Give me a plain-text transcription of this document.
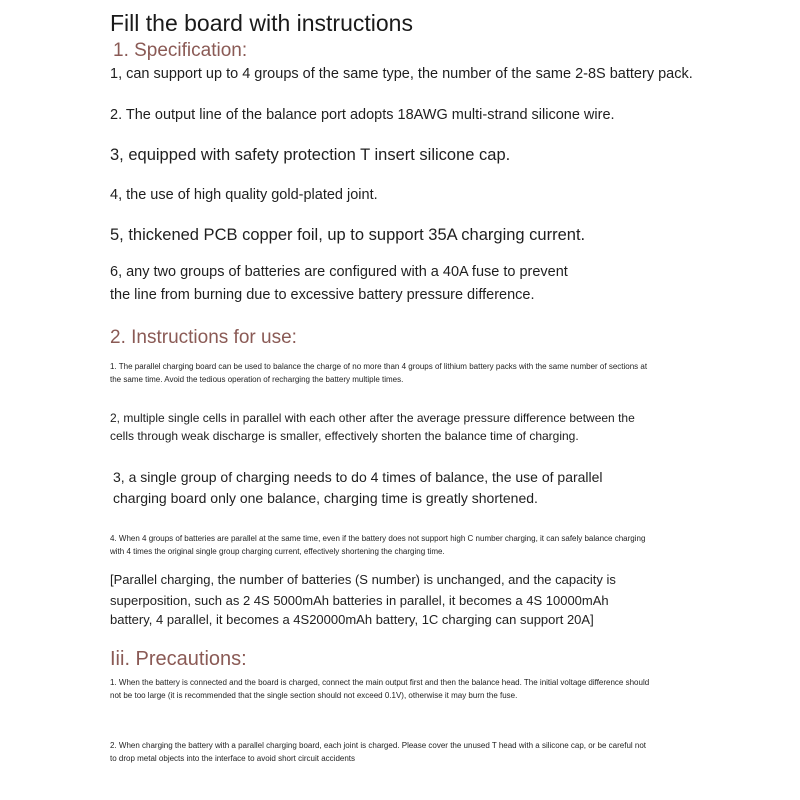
Fill the board with instructions
1. Specification:

1, can support up to 4 groups of the same type, the number of the same 2-8S battery pack.

2. The output line of the balance port adopts 18AWG multi-strand silicone wire.

3, equipped with safety protection T insert silicone cap.

4, the use of high quality gold-plated joint.

5, thickened PCB copper foil, up to support 35A charging current.

6, any two groups of batteries are configured with a 40A fuse to prevent

the line from burning due to excessive battery pressure difference.

2. Instructions for use:

1. The parallel charging board can be used to balance the charge of no more than 4 groups of lithium battery packs with the same number of sections at the same time. Avoid the tedious operation of recharging the battery multiple times.

2, multiple single cells in parallel with each other after the average pressure difference between the

cells through weak discharge is smaller, effectively shorten the balance time of charging.

3, a single group of charging needs to do 4 times of balance, the use of parallel

charging board only one balance, charging time is greatly shortened.

4. When 4 groups of batteries are parallel at the same time, even if the battery does not support high C number charging, it can safely balance charging with 4 times the original single group charging current, effectively shortening the charging time.

[Parallel charging, the number of batteries (S number) is unchanged, and the capacity is

superposition, such as 2 4S 5000mAh batteries in parallel, it becomes a 4S 10000mAh

battery, 4 parallel, it becomes a 4S20000mAh battery, 1C charging can support 20A]

Iii. Precautions:

1. When the battery is connected and the board is charged, connect the main output first and then the balance head. The initial voltage difference should not be too large (it is recommended that the single section should not exceed 0.1V), otherwise it may burn the fuse.

2. When charging the battery with a parallel charging board, each joint is charged. Please cover the unused T head with a silicone cap, or be careful not to drop metal objects into the interface to avoid short circuit accidents
